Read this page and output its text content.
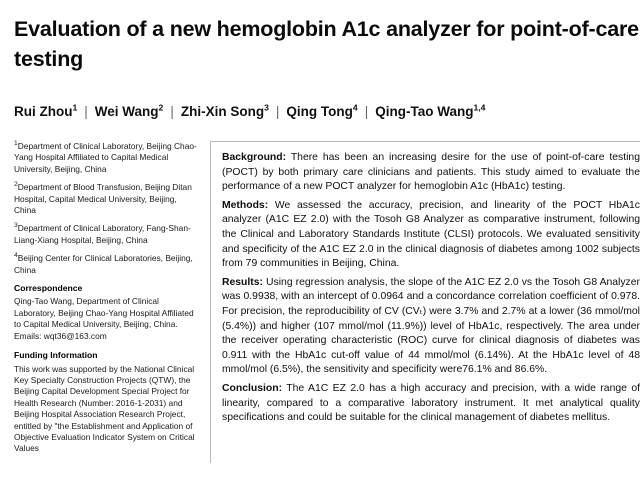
Evaluation of a new hemoglobin A1c analyzer for point-of-care testing
Rui Zhou$^1$ | Wei Wang$^2$ | Zhi-Xin Song$^3$ | Qing Tong$^4$ | Qing-Tao Wang$^{1,4}$
$^1$Department of Clinical Laboratory, Beijing Chao-Yang Hospital Affiliated to Capital Medical University, Beijing, China
$^2$Department of Blood Transfusion, Beijing Ditan Hospital, Capital Medical University, Beijing, China
$^3$Department of Clinical Laboratory, Fang-Shan-Liang-Xiang Hospital, Beijing, China
$^4$Beijing Center for Clinical Laboratories, Beijing, China
Correspondence
Qing-Tao Wang, Department of Clinical Laboratory, Beijing Chao-Yang Hospital Affiliated to Capital Medical University, Beijing, China.
Emails: wqt36@163.com
Funding Information
This work was supported by the National Clinical Key Specialty Construction Projects (QTW), the Beijing Capital Development Special Project for Health Research (Number: 2016-1-2031) and Beijing Hospital Association Research Project, entitled by "the Establishment and Application of Objective Evaluation Indicator System on Critical Values

Background: There has been an increasing desire for the use of point-of-care testing (POCT) by both primary care clinicians and patients. This study aimed to evaluate the performance of a new POCT analyzer for hemoglobin A1c (HbA1c) testing.

Methods: We assessed the accuracy, precision, and linearity of the POCT HbA1c analyzer (A1C EZ 2.0) with the Tosoh G8 Analyzer as comparative instrument, following the Clinical and Laboratory Standards Institute (CLSI) protocols. We evaluated sensitivity and specificity of the A1C EZ 2.0 in the clinical diagnosis of diabetes among 1002 subjects from 79 communities in Beijing, China.

Results: Using regression analysis, the slope of the A1C EZ 2.0 vs the Tosoh G8 Analyzer was 0.9938, with an intercept of 0.0964 and a concordance correlation coefficient of 0.978. For precision, the reproducibility of CV (CVₜ) were 3.7% and 2.7% at a lower (36 mmol/mol (5.4%)) and higher (107 mmol/mol (11.9%)) level of HbA1c, respectively. The area under the receiver operating characteristic (ROC) curve for clinical diagnosis of diabetes was 0.911 with the HbA1c cut-off value of 44 mmol/mol (6.14%). At the HbA1c level of 48 mmol/mol (6.5%), the sensitivity and specificity were76.1% and 86.6%.

Conclusion: The A1C EZ 2.0 has a high accuracy and precision, with a wide range of linearity, compared to a comparative laboratory instrument. It met analytical quality specifications and could be suitable for the clinical management of diabetes mellitus.
